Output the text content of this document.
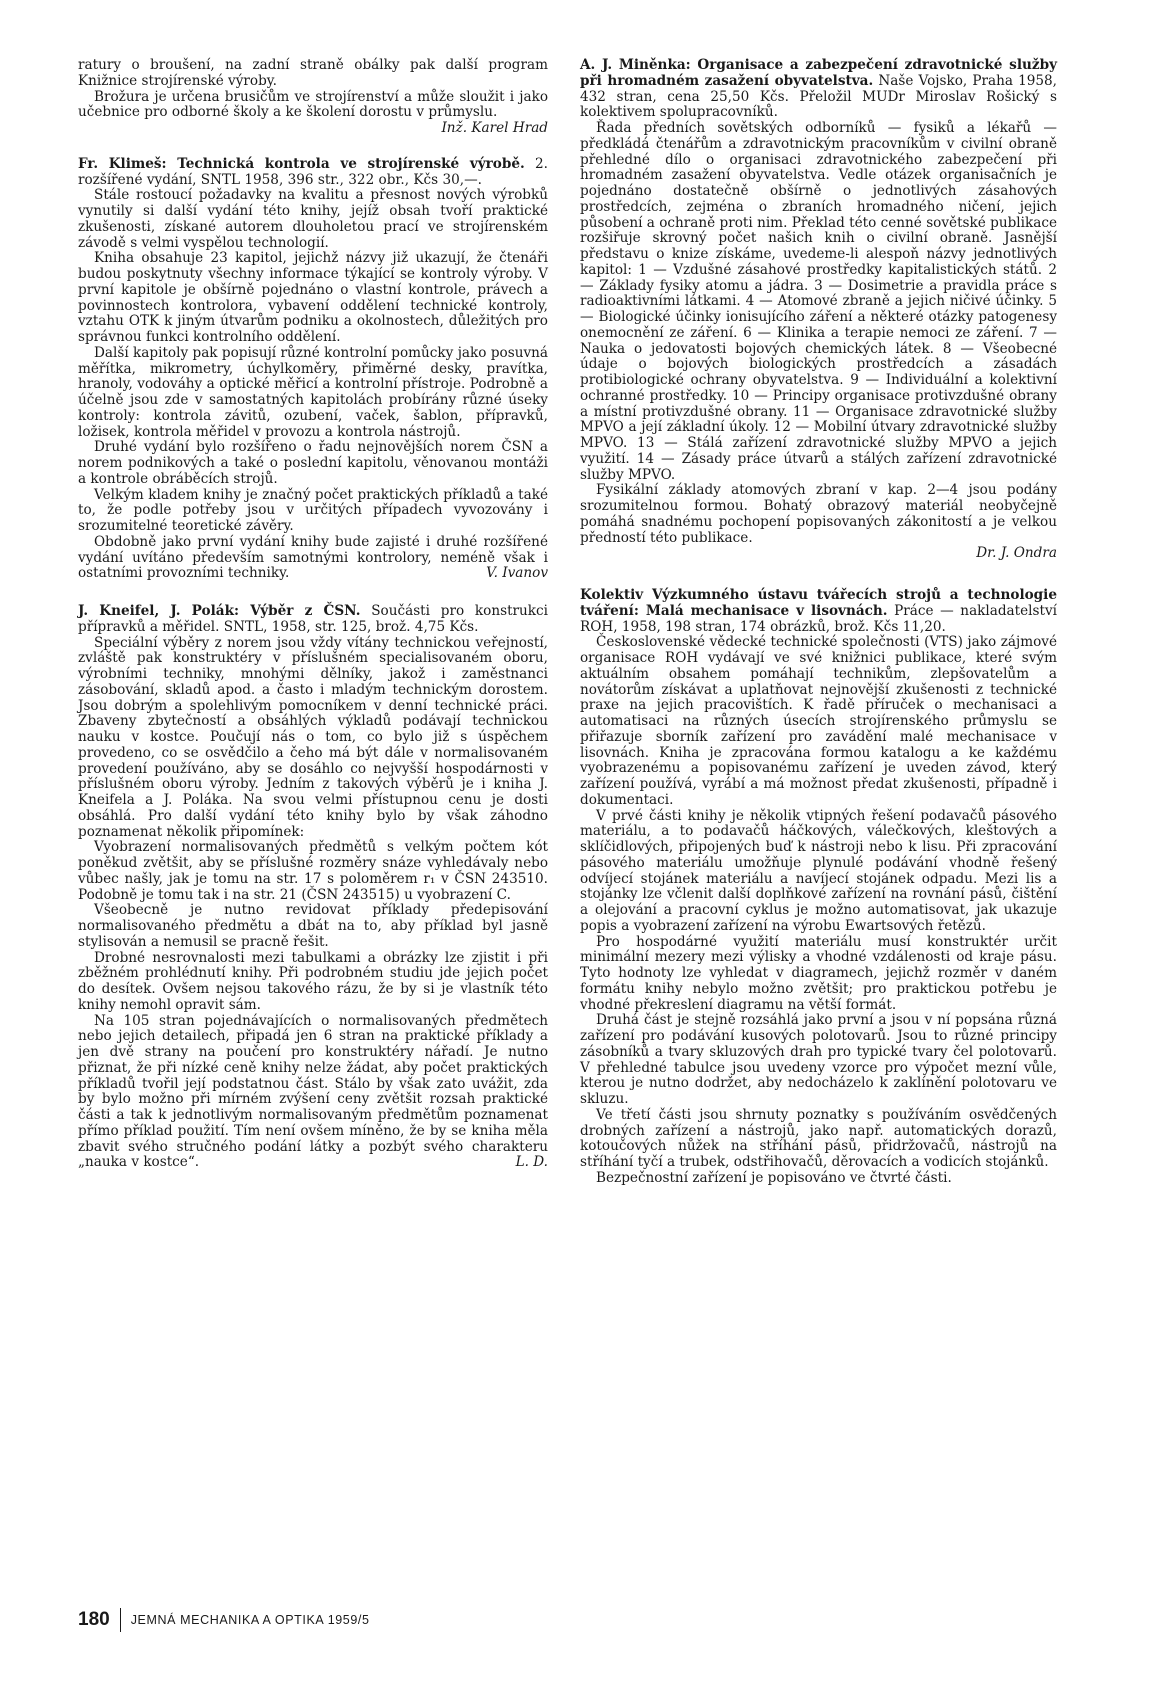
ratury o broušení, na zadní straně obálky pak další program Knižnice strojírenské výroby.

Brožura je určena brusičům ve strojírenství a může sloužit i jako učebnice pro odborné školy a ke školení dorostu v průmyslu.

Inž. Karel Hrad

Fr. Klimeš: Technická kontrola ve strojírenské výrobě. 2. rozšířené vydání, SNTL 1958, 396 str., 322 obr., Kčs 30,—.

Stále rostoucí požadavky na kvalitu a přesnost nových výrobků vynutily si další vydání této knihy, jejíž obsah tvoří praktické zkušenosti, získané autorem dlouholetou prací ve strojírenském závodě s velmi vyspělou technologií.

Kniha obsahuje 23 kapitol, jejichž názvy již ukazují, že čtenáři budou poskytnuty všechny informace týkající se kontroly výroby. V první kapitole je obšírně pojednáno o vlastní kontrole, právech a povinnostech kontrolora, vybavení oddělení technické kontroly, vztahu OTK k jiným útvarům podniku a okolnostech, důležitých pro správnou funkci kontrolního oddělení.

Další kapitoly pak popisují různé kontrolní pomůcky jako posuvná měřítka, mikrometry, úchylkoměry, přiměrné desky, pravítka, hranoly, vodováhy a optické měřicí a kontrolní přístroje. Podrobně a účelně jsou zde v samostatných kapitolách probírány různé úseky kontroly: kontrola závitů, ozubení, vaček, šablon, přípravků, ložisek, kontrola měřidel v provozu a kontrola nástrojů.

Druhé vydání bylo rozšířeno o řadu nejnovějších norem ČSN a norem podnikových a také o poslední kapitolu, věnovanou montáži a kontrole obráběcích strojů.

Velkým kladem knihy je značný počet praktických příkladů a také to, že podle potřeby jsou v určitých případech vyvozovány i srozumitelné teoretické závěry.

Obdobně jako první vydání knihy bude zajisté i druhé rozšířené vydání uvítáno především samotnými kontrolory, neméně však i ostatními provozními techniky.	V. Ivanov

J. Kneifel, J. Polák: Výběr z ČSN. Součásti pro konstrukci přípravků a měřidel. SNTL, 1958, str. 125, brož. 4,75 Kčs.

Speciální výběry z norem jsou vždy vítány technickou veřejností, zvláště pak konstruktéry v příslušném specialisovaném oboru, výrobními techniky, mnohými dělníky, jakož i zaměstnanci zásobování, skladů apod. a často i mladým technickým dorostem. Jsou dobrým a spolehlivým pomocníkem v denní technické práci. Zbaveny zbytečností a obsáhlých výkladů podávají technickou nauku v kostce. Poučují nás o tom, co bylo již s úspěchem provedeno, co se osvědčilo a čeho má být dále v normalisovaném provedení používáno, aby se dosáhlo co nejvyšší hospodárnosti v příslušném oboru výroby. Jedním z takových výběrů je i kniha J. Kneifela a J. Poláka. Na svou velmi přístupnou cenu je dosti obsáhlá. Pro další vydání této knihy bylo by však záhodno poznamenat několik připomínek:

Vyobrazení normalisovaných předmětů s velkým počtem kót poněkud zvětšit, aby se příslušné rozměry snáze vyhledávaly nebo vůbec našly, jak je tomu na str. 17 s poloměrem r₁ v ČSN 243510. Podobně je tomu tak i na str. 21 (ČSN 243515) u vyobrazení C.

Všeobecně je nutno revidovat příklady předepisování normalisovaného předmětu a dbát na to, aby příklad byl jasně stylisován a nemusil se pracně řešit.

Drobné nesrovnalosti mezi tabulkami a obrázky lze zjistit i při zběžném prohlédnutí knihy. Při podrobném studiu jde jejich počet do desítek. Ovšem nejsou takového rázu, že by si je vlastník této knihy nemohl opravit sám.

Na 105 stran pojednávajících o normalisovaných předmětech nebo jejich detailech, připadá jen 6 stran na praktické příklady a jen dvě strany na poučení pro konstruktéry nářadí. Je nutno přiznat, že při nízké ceně knihy nelze žádat, aby počet praktických příkladů tvořil její podstatnou část. Stálo by však zato uvážit, zda by bylo možno při mírném zvýšení ceny zvětšit rozsah praktické části a tak k jednotlivým normalisovaným předmětům poznamenat přímo příklad použití. Tím není ovšem míněno, že by se kniha měla zbavit svého stručného podání látky a pozbýt svého charakteru „nauka v kostce“.	L. D.

A. J. Miněnka: Organisace a zabezpečení zdravotnické služby při hromadném zasažení obyvatelstva. Naše Vojsko, Praha 1958, 432 stran, cena 25,50 Kčs. Přeložil MUDr Miroslav Rošický s kolektivem spolupracovníků.

Řada předních sovětských odborníků — fysiků a lékařů — předkládá čtenářům a zdravotnickým pracovníkům v civilní obraně přehledné dílo o organisaci zdravotnického zabezpečení při hromadném zasažení obyvatelstva. Vedle otázek organisačních je pojednáno dostatečně obšírně o jednotlivých zásahových prostředcích, zejména o zbraních hromadného ničení, jejich působení a ochraně proti nim. Překlad této cenné sovětské publikace rozšiřuje skrovný počet našich knih o civilní obraně. Jasnější představu o knize získáme, uvedeme-li alespoň názvy jednotlivých kapitol: 1 — Vzdušné zásahové prostředky kapitalistických států. 2 — Základy fysiky atomu a jádra. 3 — Dosimetrie a pravidla práce s radioaktivními látkami. 4 — Atomové zbraně a jejich ničivé účinky. 5 — Biologické účinky ionisujícího záření a některé otázky patogenesy onemocnění ze záření. 6 — Klinika a terapie nemoci ze záření. 7 — Nauka o jedovatosti bojových chemických látek. 8 — Všeobecné údaje o bojových biologických prostředcích a zásadách protibiologické ochrany obyvatelstva. 9 — Individuální a kolektivní ochranné prostředky. 10 — Principy organisace protivzdušné obrany a místní protivzdušné obrany. 11 — Organisace zdravotnické služby MPVO a její základní úkoly. 12 — Mobilní útvary zdravotnické služby MPVO. 13 — Stálá zařízení zdravotnické služby MPVO a jejich využití. 14 — Zásady práce útvarů a stálých zařízení zdravotnické služby MPVO.

Fysikální základy atomových zbraní v kap. 2—4 jsou podány srozumitelnou formou. Bohatý obrazový materiál neobyčejně pomáhá snadnému pochopení popisovaných zákonitostí a je velkou předností této publikace.

Dr. J. Ondra

Kolektiv Výzkumného ústavu tvářecích strojů a technologie tváření: Malá mechanisace v lisovnách. Práce — nakladatelství ROH, 1958, 198 stran, 174 obrázků, brož. Kčs 11,20.

Československé vědecké technické společnosti (VTS) jako zájmové organisace ROH vydávají ve své knižnici publikace, které svým aktuálním obsahem pomáhají technikům, zlepšovatelům a novátorům získávat a uplatňovat nejnovější zkušenosti z technické praxe na jejich pracovištích. K řadě příruček o mechanisaci a automatisaci na různých úsecích strojírenského průmyslu se přiřazuje sborník zařízení pro zavádění malé mechanisace v lisovnách. Kniha je zpracována formou katalogu a ke každému vyobrazenému a popisovanému zařízení je uveden závod, který zařízení používá, vyrábí a má možnost předat zkušenosti, případně i dokumentaci.

V prvé části knihy je několik vtipných řešení podavačů pásového materiálu, a to podavačů háčkových, válečkových, kleštových a sklíčidlových, připojených buď k nástroji nebo k lisu. Při zpracování pásového materiálu umožňuje plynulé podávání vhodně řešený odvíjecí stojánek materiálu a navíjecí stojánek odpadu. Mezi lis a stojánky lze včlenit další doplňkové zařízení na rovnání pásů, čištění a olejování a pracovní cyklus je možno automatisovat, jak ukazuje popis a vyobrazení zařízení na výrobu Ewartsových řetězů.

Pro hospodárné využití materiálu musí konstruktér určit minimální mezery mezi výlisky a vhodné vzdálenosti od kraje pásu. Tyto hodnoty lze vyhledat v diagramech, jejichž rozměr v daném formátu knihy nebylo možno zvětšit; pro praktickou potřebu je vhodné překreslení diagramu na větší formát.

Druhá část je stejně rozsáhlá jako první a jsou v ní popsána různá zařízení pro podávání kusových polotovarů. Jsou to různé principy zásobníků a tvary skluzových drah pro typické tvary čel polotovarů. V přehledné tabulce jsou uvedeny vzorce pro výpočet mezní vůle, kterou je nutno dodržet, aby nedocházelo k zaklínění polotovaru ve skluzu.

Ve třetí části jsou shrnuty poznatky s používáním osvědčených drobných zařízení a nástrojů, jako např. automatických dorazů, kotoučových nůžek na stříhání pásů, přidržovačů, nástrojů na stříhání tyčí a trubek, odstřihovačů, děrovacích a vodicích stojánků.

Bezpečnostní zařízení je popisováno ve čtvrté části.

180 JEMNÁ MECHANIKA A OPTIKA 1959/5
